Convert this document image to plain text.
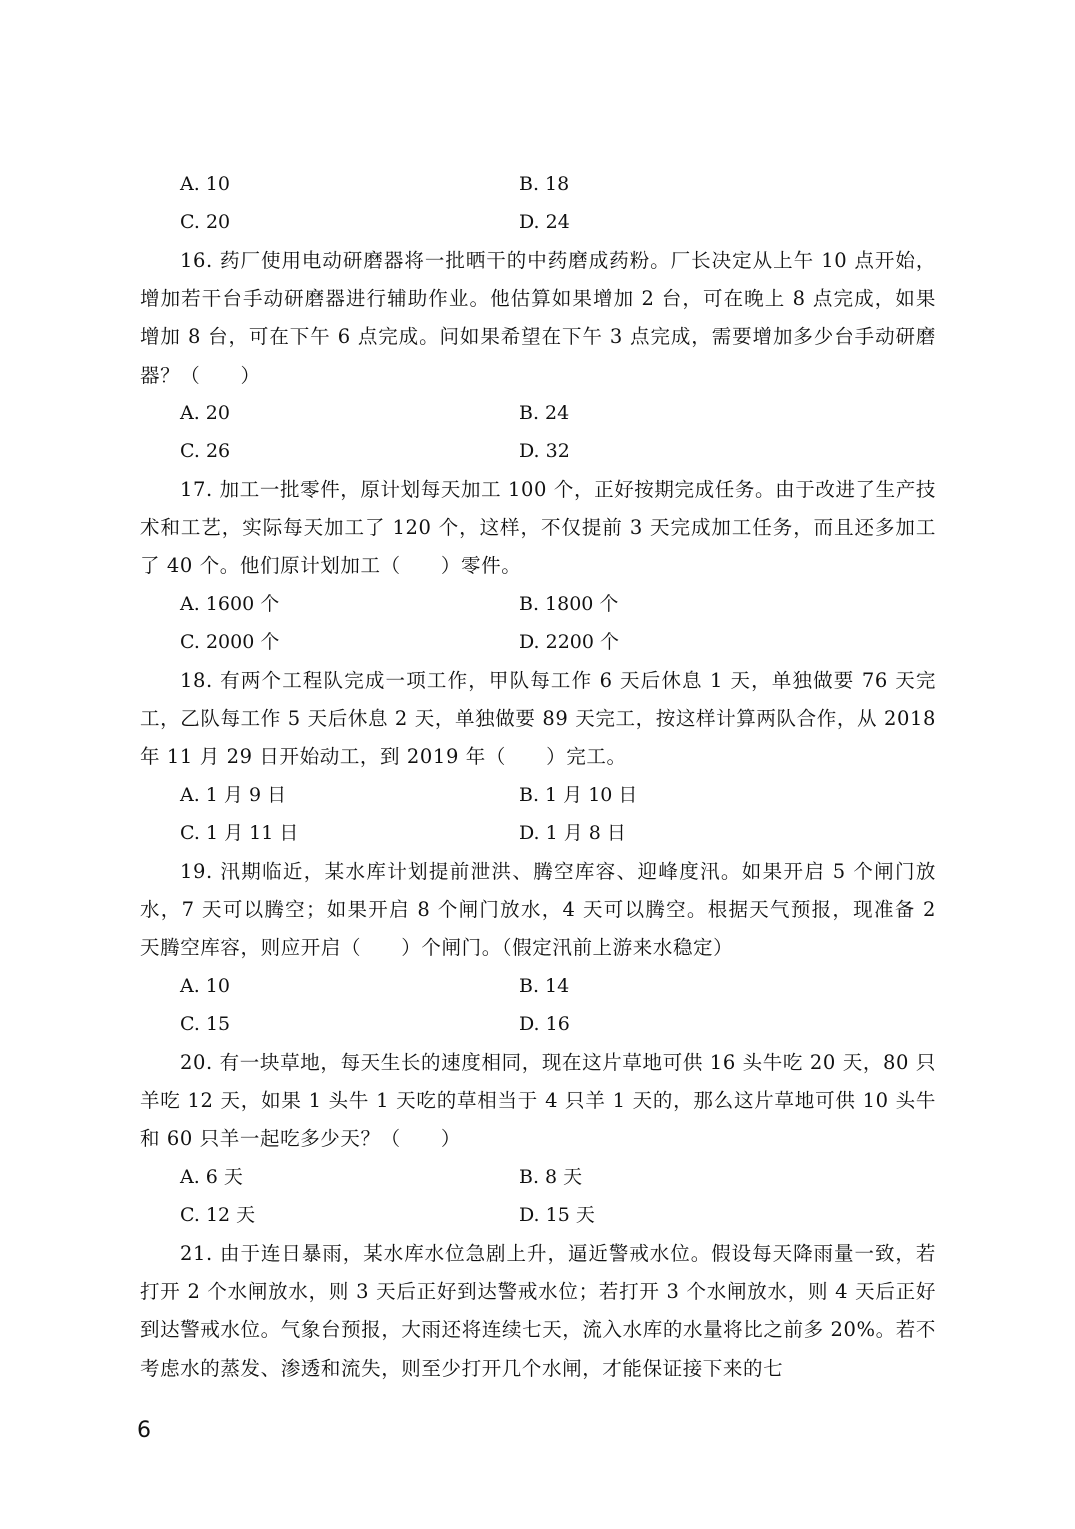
A. 10	B. 18
C. 20	D. 24
16. 药厂使用电动研磨器将一批晒干的中药磨成药粉。厂长决定从上午 10 点开始，增加若干台手动研磨器进行辅助作业。他估算如果增加 2 台，可在晚上 8 点完成，如果增加 8 台，可在下午 6 点完成。问如果希望在下午 3 点完成，需要增加多少台手动研磨器？（　　）
A. 20	B. 24
C. 26	D. 32
17. 加工一批零件，原计划每天加工 100 个，正好按期完成任务。由于改进了生产技术和工艺，实际每天加工了 120 个，这样，不仅提前 3 天完成加工任务，而且还多加工了 40 个。他们原计划加工（　　）零件。
A. 1600 个	B. 1800 个
C. 2000 个	D. 2200 个
18. 有两个工程队完成一项工作，甲队每工作 6 天后休息 1 天，单独做要 76 天完工，乙队每工作 5 天后休息 2 天，单独做要 89 天完工，按这样计算两队合作，从 2018 年 11 月 29 日开始动工，到 2019 年（　　）完工。
A. 1 月 9 日	B. 1 月 10 日
C. 1 月 11 日	D. 1 月 8 日
19. 汛期临近，某水库计划提前泄洪、腾空库容、迎峰度汛。如果开启 5 个闸门放水，7 天可以腾空；如果开启 8 个闸门放水，4 天可以腾空。根据天气预报，现准备 2 天腾空库容，则应开启（　　）个闸门。（假定汛前上游来水稳定）
A. 10	B. 14
C. 15	D. 16
20. 有一块草地，每天生长的速度相同，现在这片草地可供 16 头牛吃 20 天，80 只羊吃 12 天，如果 1 头牛 1 天吃的草相当于 4 只羊 1 天的，那么这片草地可供 10 头牛和 60 只羊一起吃多少天？（　　）
A. 6 天	B. 8 天
C. 12 天	D. 15 天
21. 由于连日暴雨，某水库水位急剧上升，逼近警戒水位。假设每天降雨量一致，若打开 2 个水闸放水，则 3 天后正好到达警戒水位；若打开 3 个水闸放水，则 4 天后正好到达警戒水位。气象台预报，大雨还将连续七天，流入水库的水量将比之前多 20%。若不考虑水的蒸发、渗透和流失，则至少打开几个水闸，才能保证接下来的七
6
